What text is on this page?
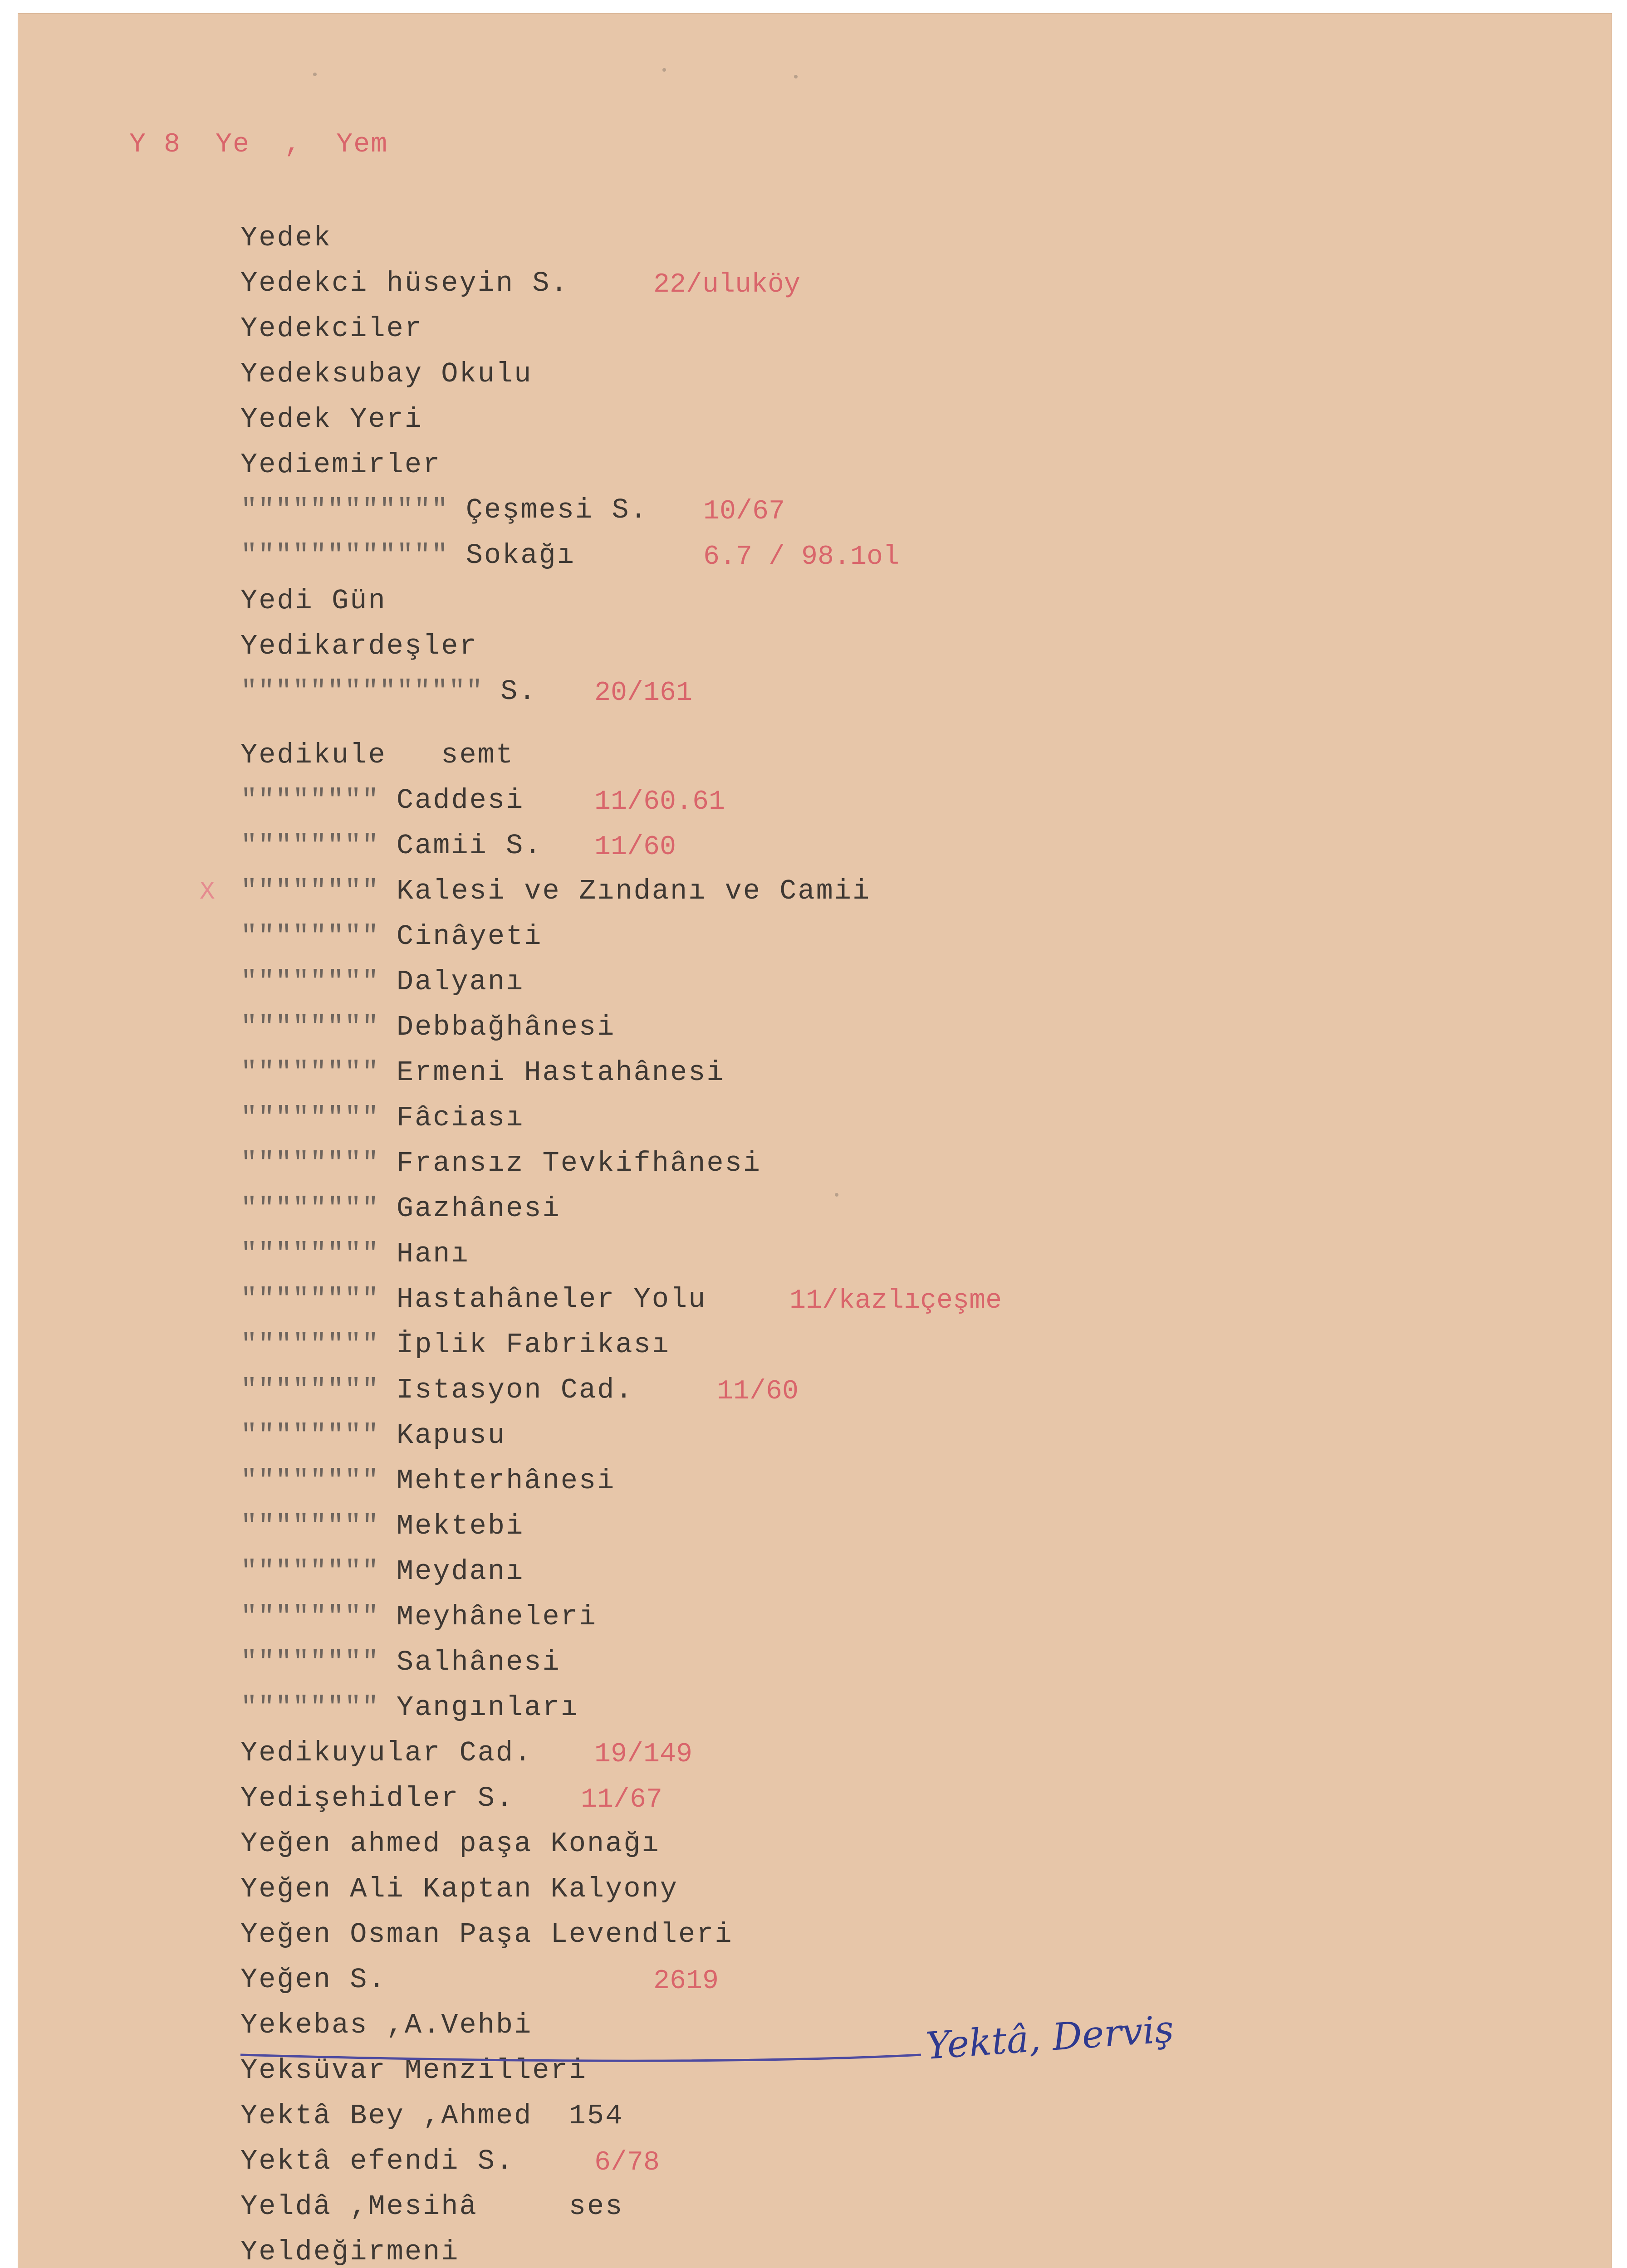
Y 8  Ye  ,  Yem
Yedek
Yedekci hüseyin S.	22/uluköy
Yedekciler
Yedeksubay Okulu
Yedek Yeri
Yediemirler
"""""""""""" Çeşmesi S. 10/67
"""""""""""" Sokağı	6.7 / 98.1ol
Yedi Gün
Yedikardeşler
"""""""""""""" S. 20/161
Yedikule   semt
"""""""" Caddesi	11/60.61
"""""""" Camii S. 11/60
"""""""" Kalesi ve Zındanı ve Camii
X
"""""""" Cinâyeti
"""""""" Dalyanı
"""""""" Debbağhânesi
"""""""" Ermeni Hastahânesi
"""""""" Fâciası
"""""""" Fransız Tevkifhânesi
"""""""" Gazhânesi
"""""""" Hanı
"""""""" Hastahâneler Yolu	11/kazlıçeşme
"""""""" İplik Fabrikası
"""""""" Istasyon Cad.	11/60
"""""""" Kapusu
"""""""" Mehterhânesi
"""""""" Mektebi
"""""""" Meydanı
"""""""" Meyhâneleri
"""""""" Salhânesi
"""""""" Yangınları
Yedikuyular Cad. 19/149
Yedişehidler S. 11/67
Yeğen ahmed paşa Konağı
Yeğen Ali Kaptan Kalyony
Yeğen Osman Paşa Levendleri
Yeğen S.	2619
Yekebas ,A.Vehbi
Yeksüvar Menzilleri
Yektâ Bey ,Ahmed  154
Yektâ efendi S.	6/78
Yeldâ ,Mesihâ     ses
Yeldeğirmeni
Yektâ, Derviş
